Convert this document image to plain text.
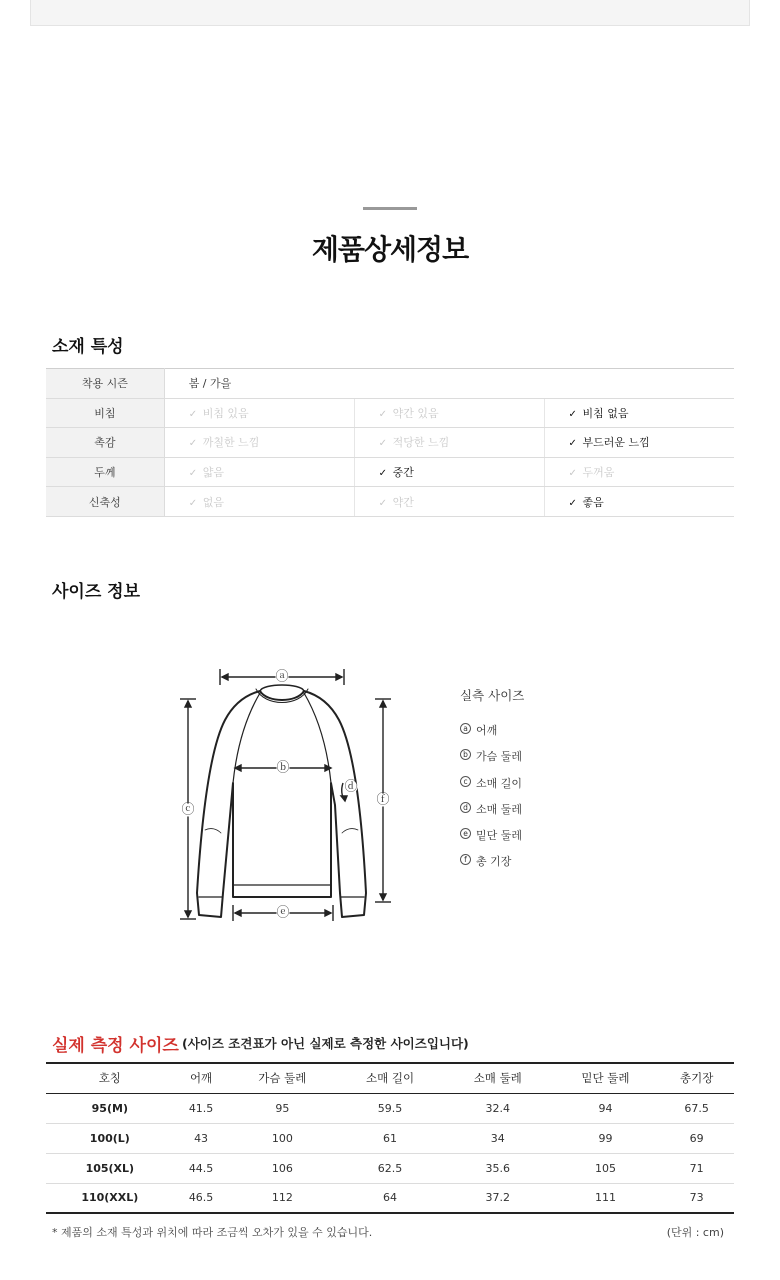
제품상세정보
소재 특성
착용 시즌	봄 / 가을		
비침	✓ 비침 있음	✓ 약간 있음	✓ 비침 없음
촉감	✓ 까칠한 느낌	✓ 적당한 느낌	✓ 부드러운 느낌
두께	✓ 얇음	✓ 중간	✓ 두꺼움
신축성	✓ 없음	✓ 약간	✓ 좋음
사이즈 정보
ⓐ
ⓑ
ⓒ
ⓓ
ⓔ
ⓕ
실측 사이즈
a 어깨
b 가슴 둘레
c 소매 길이
d 소매 둘레
e 밑단 둘레
f 총 기장
실제 측정 사이즈 (사이즈 조견표가 아닌 실제로 측정한 사이즈입니다)
호칭	어깨	가슴 둘레	소매 길이	소매 둘레	밑단 둘레	총기장
95(M)	41.5	95	59.5	32.4	94	67.5
100(L)	43	100	61	34	99	69
105(XL)	44.5	106	62.5	35.6	105	71
110(XXL)	46.5	112	64	37.2	111	73
* 제품의 소재 특성과 위치에 따라 조금씩 오차가 있을 수 있습니다.	(단위 : cm)
